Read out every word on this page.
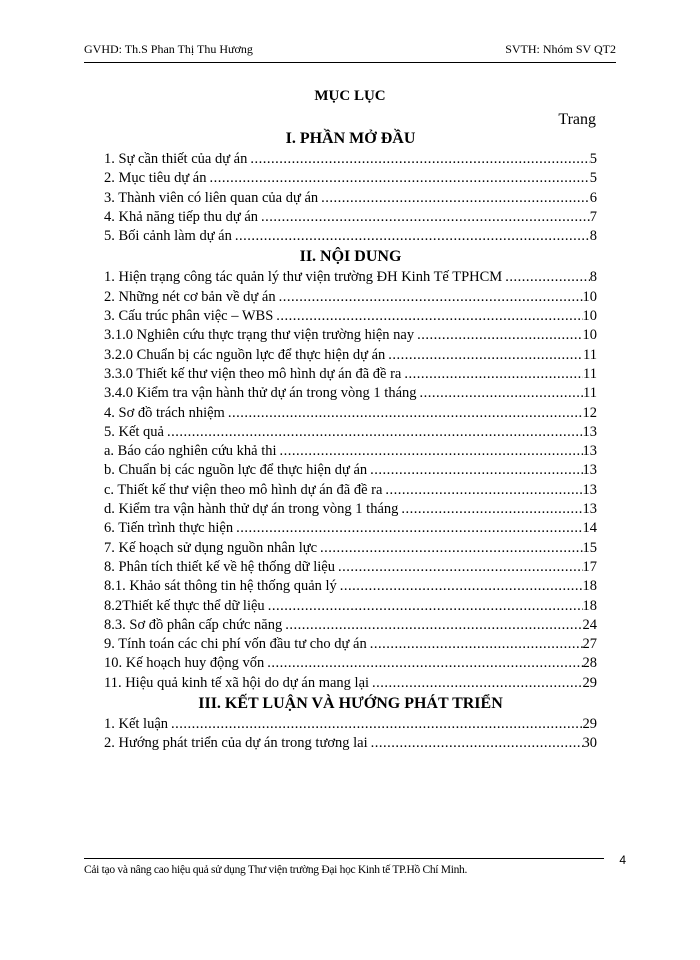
GVHD: Th.S Phan Thị Thu Hương	SVTH: Nhóm SV QT2
MỤC LỤC
Trang
I. PHẦN MỞ ĐẦU
1. Sự cần thiết của dự án .....	5
2. Mục tiêu dự án .....	5
3. Thành viên có liên quan của dự án .....	6
4. Khả năng tiếp thu dự án .....	7
5. Bối cảnh làm dự án .....	8
II. NỘI DUNG
1. Hiện trạng công tác quản lý thư viện trường ĐH Kinh Tế TPHCM .....	8
2. Những nét cơ bản về dự án .....	10
3. Cấu trúc phân việc – WBS .....	10
3.1.0 Nghiên cứu thực trạng thư viện trường hiện nay .....	10
3.2.0 Chuẩn bị các nguồn lực để thực hiện dự án .....	11
3.3.0 Thiết kế thư viện theo mô hình dự án đã đề ra .....	11
3.4.0 Kiểm tra vận hành thử dự án trong vòng 1 tháng .....	11
4. Sơ đồ trách nhiệm .....	12
5. Kết quả .....	13
a. Báo cáo nghiên cứu khả thi .....	13
b. Chuẩn bị các nguồn lực để thực hiện dự án .....	13
c. Thiết kế thư viện theo mô hình dự án đã đề ra .....	13
d. Kiểm tra vận hành thử dự án trong vòng 1 tháng .....	13
6. Tiến trình thực hiện .....	14
7. Kế hoạch sử dụng nguồn nhân lực .....	15
8. Phân tích thiết kế về hệ thống dữ liệu .....	17
8.1. Khảo sát thông tin hệ thống quản lý .....	18
8.2Thiết kế thực thể dữ liệu .....	18
8.3. Sơ đồ phân cấp chức năng .....	24
9. Tính toán các chi phí vốn đầu tư cho dự án .....	27
10. Kế hoạch huy động vốn .....	28
11. Hiệu quả kinh tế xã hội do dự án mang lại .....	29
III. KẾT LUẬN VÀ HƯỚNG PHÁT TRIỂN
1. Kết luận .....	29
2. Hướng phát triển của dự án trong tương lai .....	30
4
Cải tạo và nâng cao hiệu quả sử dụng Thư viện trường Đại học Kinh tế TP.Hồ Chí Minh.
